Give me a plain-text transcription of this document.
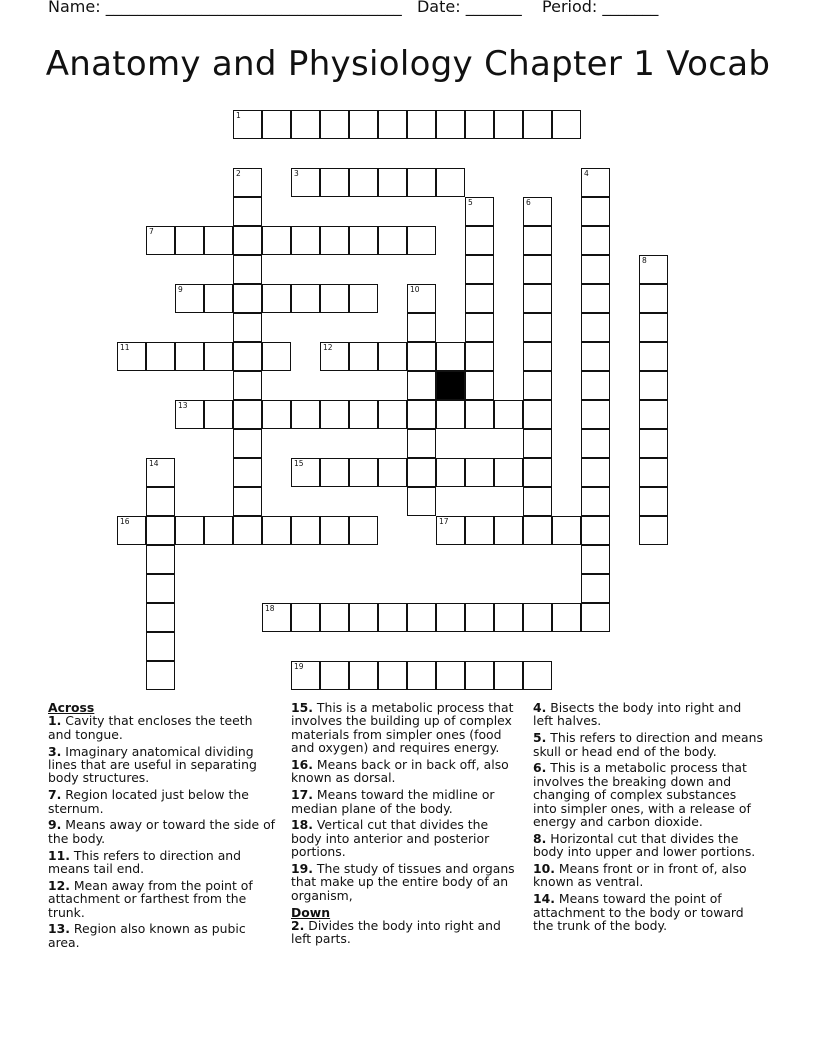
Name: _____________________________________ Date: _______ Period: _______
Anatomy and Physiology Chapter 1 Vocab
1
2	3	4
5	6
7
8
9	10
11	12
13
14	15
16	17
18
19
Across
1. Cavity that encloses the teeth and tongue.
3. Imaginary anatomical dividing lines that are useful in separating body structures.
7. Region located just below the sternum.
9. Means away or toward the side of the body.
11. This refers to direction and means tail end.
12. Mean away from the point of attachment or farthest from the trunk.
13. Region also known as pubic area.
15. This is a metabolic process that involves the building up of complex materials from simpler ones (food and oxygen) and requires energy.
16. Means back or in back off, also known as dorsal.
17. Means toward the midline or median plane of the body.
18. Vertical cut that divides the body into anterior and posterior portions.
19. The study of tissues and organs that make up the entire body of an organism,
Down
2. Divides the body into right and left parts.
4. Bisects the body into right and left halves.
5. This refers to direction and means skull or head end of the body.
6. This is a metabolic process that involves the breaking down and changing of complex substances into simpler ones, with a release of energy and carbon dioxide.
8. Horizontal cut that divides the body into upper and lower portions.
10. Means front or in front of, also known as ventral.
14. Means toward the point of attachment to the body or toward the trunk of the body.
